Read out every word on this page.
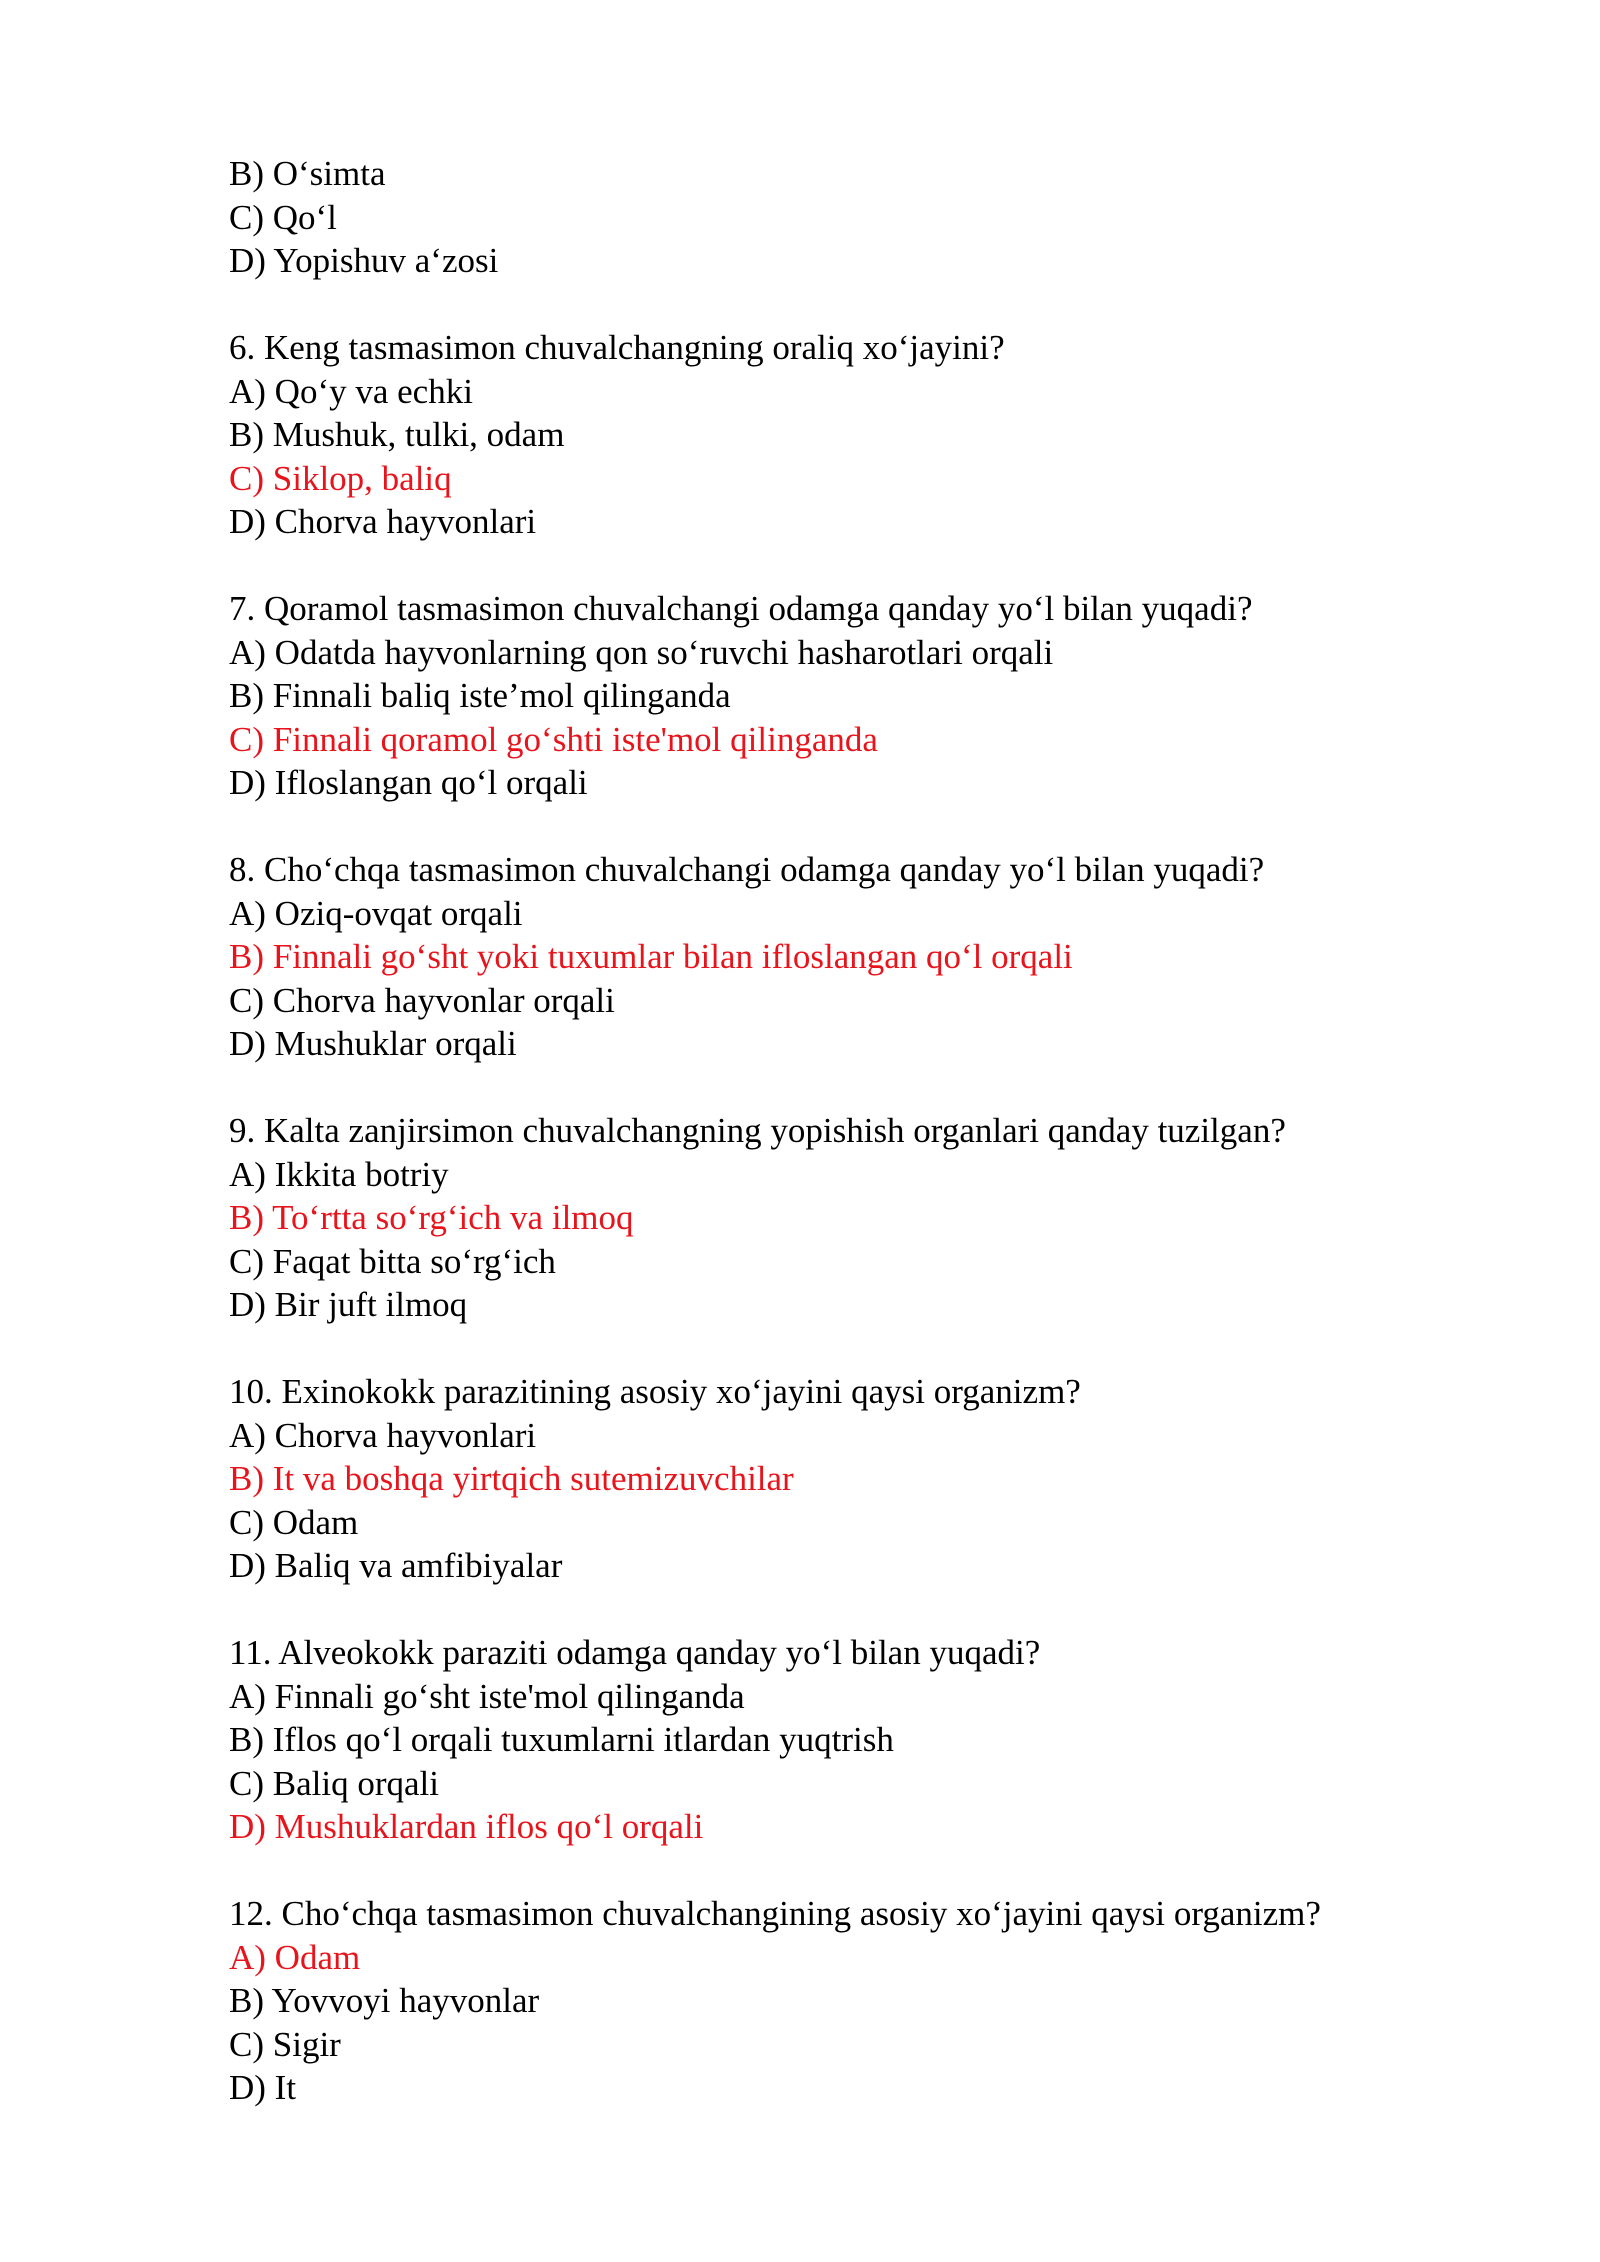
B) O‘simta
C) Qo‘l
D) Yopishuv a‘zosi
6. Keng tasmasimon chuvalchangning oraliq xo‘jayini?
A) Qo‘y va echki
B) Mushuk, tulki, odam
C) Siklop, baliq
D) Chorva hayvonlari
7. Qoramol tasmasimon chuvalchangi odamga qanday yo‘l bilan yuqadi?
A) Odatda hayvonlarning qon so‘ruvchi hasharotlari orqali
B) Finnali baliq iste’mol qilinganda
C) Finnali qoramol go‘shti iste'mol qilinganda
D) Ifloslangan qo‘l orqali
8. Cho‘chqa tasmasimon chuvalchangi odamga qanday yo‘l bilan yuqadi?
A) Oziq-ovqat orqali
B) Finnali go‘sht yoki tuxumlar bilan ifloslangan qo‘l orqali
C) Chorva hayvonlar orqali
D) Mushuklar orqali
9. Kalta zanjirsimon chuvalchangning yopishish organlari qanday tuzilgan?
A) Ikkita botriy
B) To‘rtta so‘rg‘ich va ilmoq
C) Faqat bitta so‘rg‘ich
D) Bir juft ilmoq
10. Exinokokk parazitining asosiy xo‘jayini qaysi organizm?
A) Chorva hayvonlari
B) It va boshqa yirtqich sutemizuvchilar
C) Odam
D) Baliq va amfibiyalar
11. Alveokokk paraziti odamga qanday yo‘l bilan yuqadi?
A) Finnali go‘sht iste'mol qilinganda
B) Iflos qo‘l orqali tuxumlarni itlardan yuqtrish
C) Baliq orqali
D) Mushuklardan iflos qo‘l orqali
12. Cho‘chqa tasmasimon chuvalchangining asosiy xo‘jayini qaysi organizm?
A) Odam
B) Yovvoyi hayvonlar
C) Sigir
D) It
